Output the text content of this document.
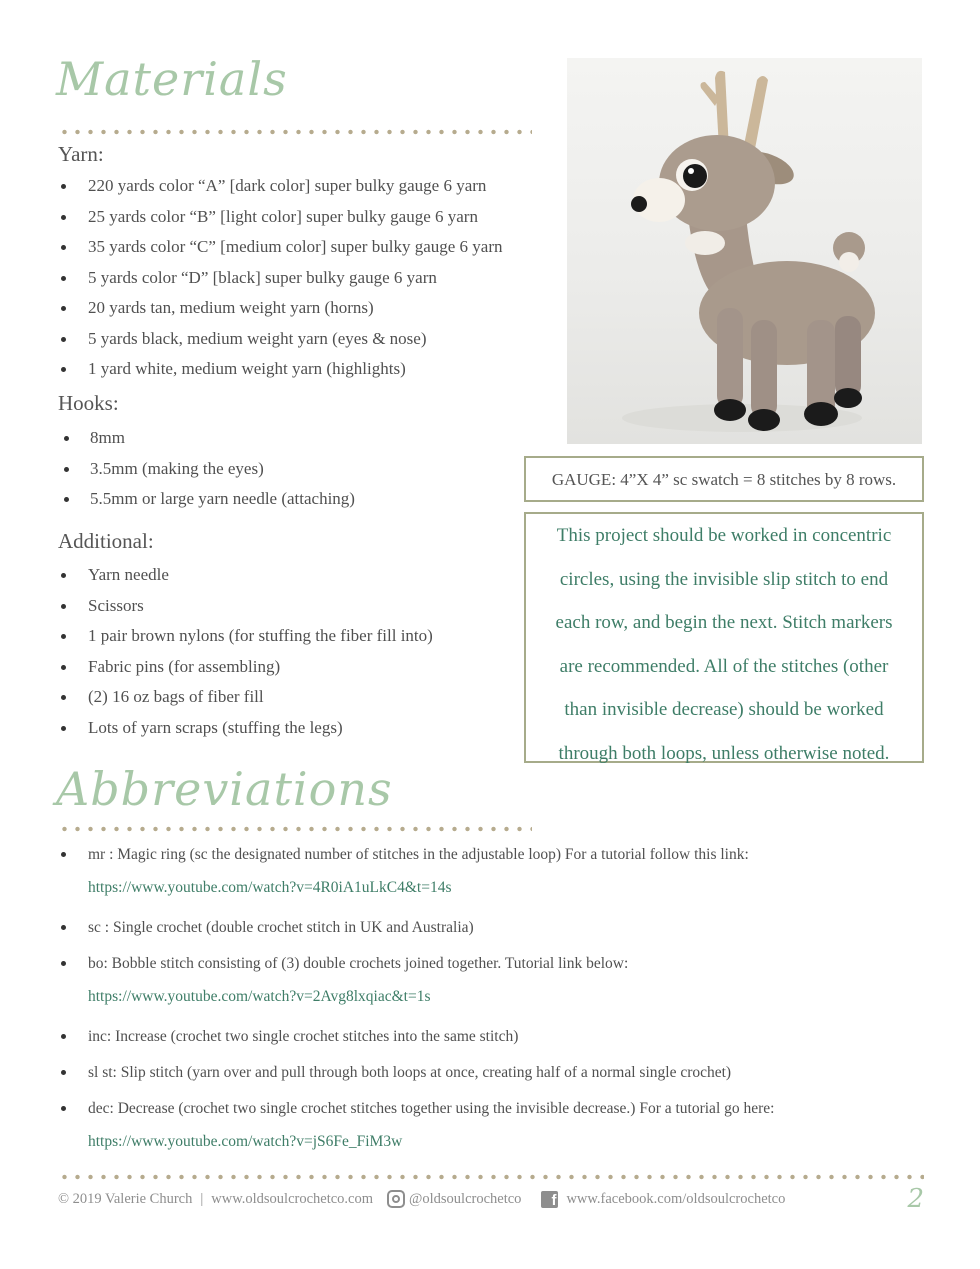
Materials
Yarn:
220 yards color “A” [dark color] super bulky gauge 6 yarn
25 yards color “B” [light color] super bulky gauge 6 yarn
35 yards color “C” [medium color] super bulky gauge 6 yarn
5 yards color “D” [black] super bulky gauge 6 yarn
20 yards tan, medium weight yarn (horns)
5 yards black, medium weight yarn (eyes & nose)
1 yard white, medium weight yarn (highlights)
Hooks:
8mm
3.5mm (making the eyes)
5.5mm or large yarn needle (attaching)
Additional:
Yarn needle
Scissors
1 pair brown nylons (for stuffing the fiber fill into)
Fabric pins (for assembling)
(2) 16 oz bags of fiber fill
Lots of yarn scraps (stuffing the legs)
GAUGE: 4”X 4” sc swatch = 8 stitches by 8 rows.

This project should be worked in concentric

circles, using the invisible slip stitch to end

each row, and begin the next. Stitch markers

are recommended. All of the stitches (other

than invisible decrease) should be worked

through both loops, unless otherwise noted.

Abbreviations
mr : Magic ring (sc the designated number of stitches in the adjustable loop) For a tutorial follow this link:
https://www.youtube.com/watch?v=4R0iA1uLkC4&t=14s
sc : Single crochet (double crochet stitch in UK and Australia)
bo: Bobble stitch consisting of (3) double crochets joined together. Tutorial link below:
https://www.youtube.com/watch?v=2Avg8lxqiac&t=1s
inc: Increase (crochet two single crochet stitches into the same stitch)
sl st: Slip stitch (yarn over and pull through both loops at once, creating half of a normal single crochet)
dec: Decrease (crochet two single crochet stitches together using the invisible decrease.) For a tutorial go here:
https://www.youtube.com/watch?v=jS6Fe_FiM3w
© 2019 Valerie Church | www.oldsoulcrochetco.com @oldsoulcrochetco	f www.facebook.com/oldsoulcrochetco	2
